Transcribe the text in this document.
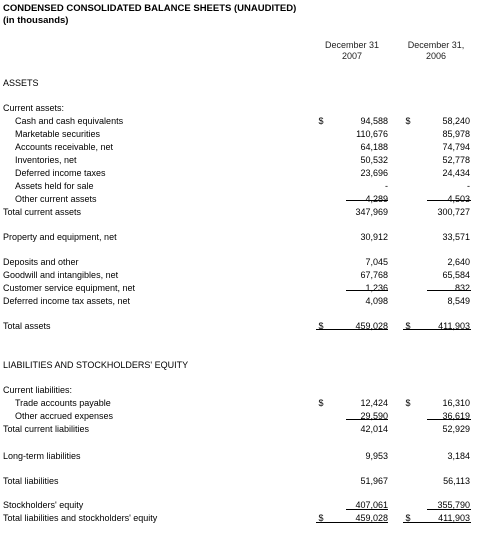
CONDENSED CONSOLIDATED BALANCE SHEETS (UNAUDITED)
(in thousands)
December 31
2007
December 31,
2006
ASSETS
Current assets:
Cash and cash equivalents	$	94,588 $	58,240
Marketable securities	110,676	85,978
Accounts receivable, net	64,188	74,794
Inventories, net	50,532	52,778
Deferred income taxes	23,696	24,434
Assets held for sale	-	-
Other current assets	4,289	4,503
Total current assets	347,969	300,727
Property and equipment, net	30,912	33,571
Deposits and other	7,045	2,640
Goodwill and intangibles, net	67,768	65,584
Customer service equipment, net	1,236	832
Deferred income tax assets, net	4,098	8,549
Total assets	$	459,028 $	411,903
LIABILITIES AND STOCKHOLDERS' EQUITY
Current liabilities:
Trade accounts payable	$	12,424 $	16,310
Other accrued expenses	29,590	36,619
Total current liabilities	42,014	52,929
Long-term liabilities	9,953	3,184
Total liabilities	51,967	56,113
Stockholders' equity	407,061	355,790
Total liabilities and stockholders' equity	$	459,028 $	411,903
